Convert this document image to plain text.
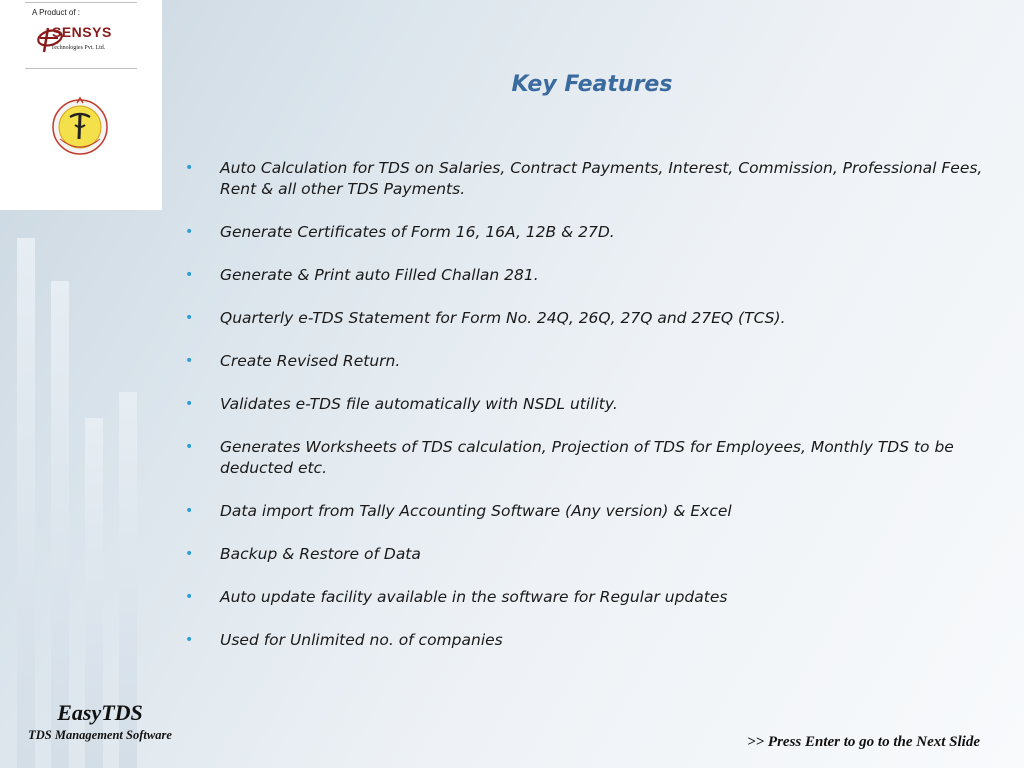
A Product of :
SENSYS
Technologies Pvt. Ltd.
Key Features
• Auto Calculation for TDS on Salaries, Contract Payments, Interest, Commission, Professional Fees, Rent & all other TDS Payments.
• Generate Certificates of Form 16, 16A, 12B & 27D.
• Generate & Print auto Filled Challan 281.
• Quarterly e-TDS Statement for Form No. 24Q, 26Q, 27Q and 27EQ (TCS).
• Create Revised Return.
• Validates e-TDS file automatically with NSDL utility.
• Generates Worksheets of TDS calculation, Projection of TDS for Employees, Monthly TDS to be deducted etc.
• Data import from Tally Accounting Software (Any version) & Excel
• Backup & Restore of Data
• Auto update facility available in the software for Regular updates
• Used for Unlimited no. of companies
EasyTDS
TDS Management Software	>> Press Enter to go to the Next Slide
